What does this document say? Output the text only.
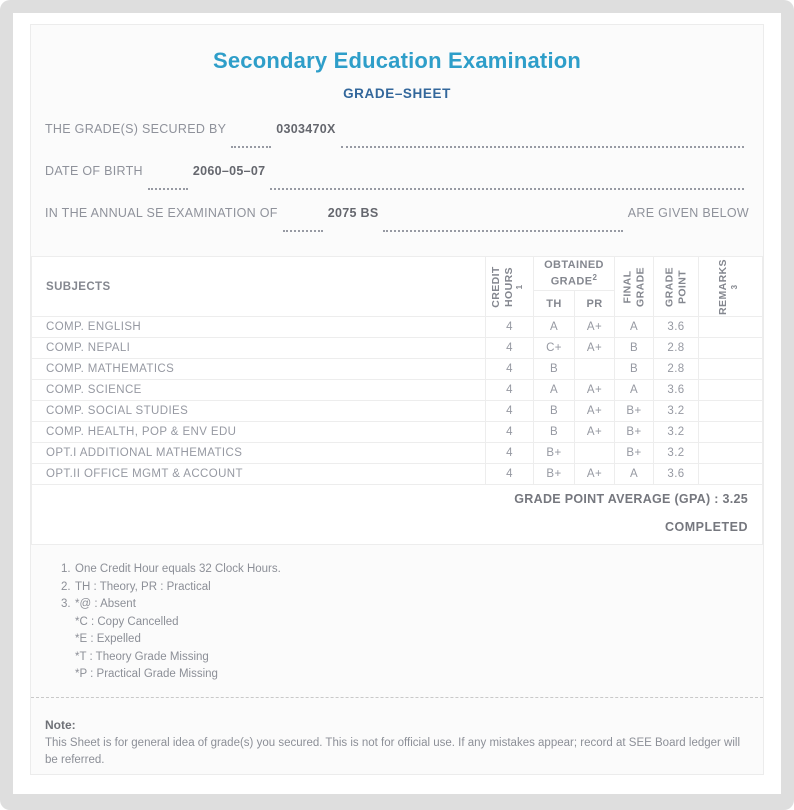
Secondary Education Examination
GRADE–SHEET
THE GRADE(S) SECURED BY	0303470X
DATE OF BIRTH	2060–05–07
IN THE ANNUAL SE EXAMINATION OF	2075 BS	ARE GIVEN BELOW
SUBJECTS	CREDIT HOURS $^1$	OBTAINED GRADE$^2$		FINAL GRADE	GRADE POINT	REMARKS $^3$

		TH	PR			
COMP. ENGLISH	4	A	A+	A	3.6	
COMP. NEPALI	4	C+	A+	B	2.8	
COMP. MATHEMATICS	4	B		B	2.8	
COMP. SCIENCE	4	A	A+	A	3.6	
COMP. SOCIAL STUDIES	4	B	A+	B+	3.2	
COMP. HEALTH, POP & ENV EDU	4	B	A+	B+	3.2	
OPT.I ADDITIONAL MATHEMATICS	4	B+		B+	3.2	
OPT.II OFFICE MGMT & ACCOUNT	4	B+	A+	A	3.6	

GRADE POINT AVERAGE (GPA) : 3.25
COMPLETED						
1. One Credit Hour equals 32 Clock Hours.
2. TH : Theory, PR : Practical
3. *@ : Absent
*C : Copy Cancelled
*E : Expelled
*T : Theory Grade Missing
*P : Practical Grade Missing
Note:
This Sheet is for general idea of grade(s) you secured. This is not for official use. If any mistakes appear; record at SEE Board ledger will be referred.
